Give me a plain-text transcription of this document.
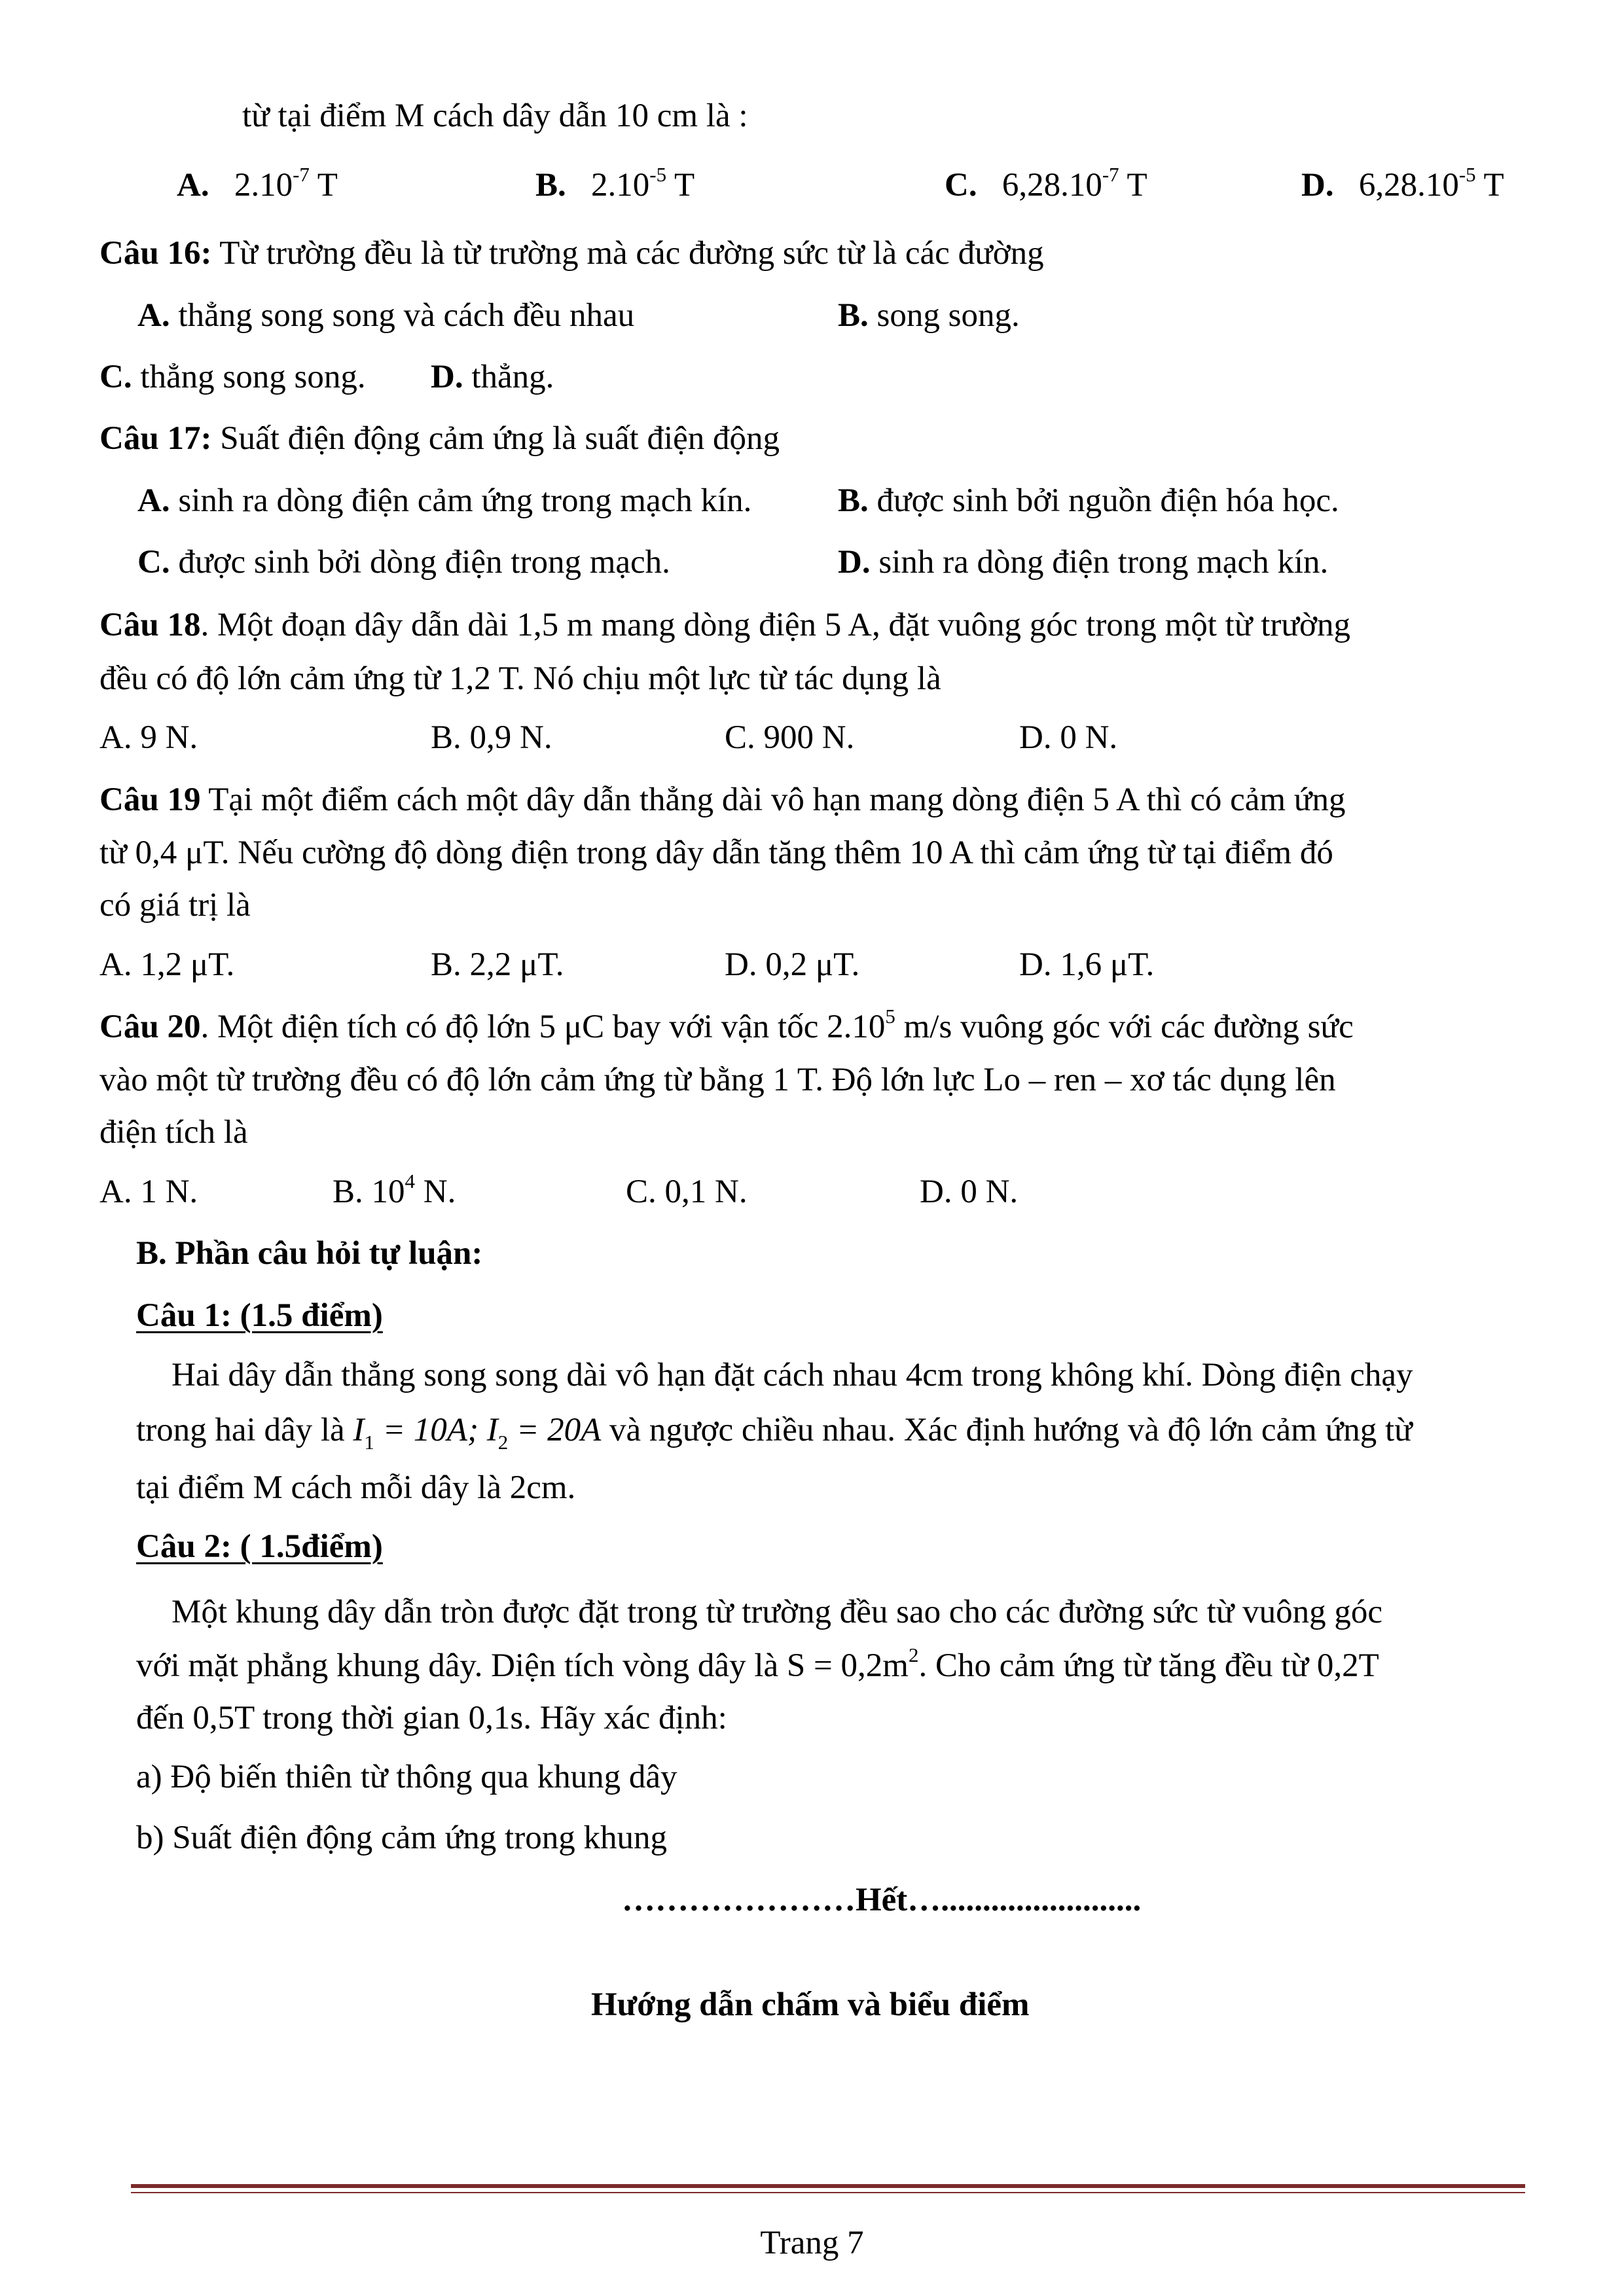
từ tại điểm M cách dây dẫn 10 cm là :
A. $2.10^{-7}$ T	B. $2.10^{-5}$ T	C. $6,28.10^{-7}$ T	D. $6,28.10^{-5}$ T
Câu 16: Từ trường đều là từ trường mà các đường sức từ là các đường
A. thẳng song song và cách đều nhau	B. song song.
C. thẳng song song. D. thẳng.
Câu 17: Suất điện động cảm ứng là suất điện động
A. sinh ra dòng điện cảm ứng trong mạch kín.	B. được sinh bởi nguồn điện hóa học.
C. được sinh bởi dòng điện trong mạch.	D. sinh ra dòng điện trong mạch kín.
Câu 18. Một đoạn dây dẫn dài 1,5 m mang dòng điện 5 A, đặt vuông góc trong một từ trường
đều có độ lớn cảm ứng từ 1,2 T. Nó chịu một lực từ tác dụng là
A. 9 N.	B. 0,9 N.	C. 900 N.	D. 0 N.
Câu 19 Tại một điểm cách một dây dẫn thẳng dài vô hạn mang dòng điện 5 A thì có cảm ứng
từ 0,4 μT. Nếu cường độ dòng điện trong dây dẫn tăng thêm 10 A thì cảm ứng từ tại điểm đó
có giá trị là
A. 1,2 μT.	B. 2,2 μT.	D. 0,2 μT.	D. 1,6 μT.
Câu 20. Một điện tích có độ lớn 5 μC bay với vận tốc 2.10$^5$ m/s vuông góc với các đường sức
vào một từ trường đều có độ lớn cảm ứng từ bằng 1 T. Độ lớn lực Lo – ren – xơ tác dụng lên
điện tích là
A. 1 N.	B. $10^4$ N.	C. 0,1 N.	D. 0 N.
B. Phần câu hỏi tự luận:
Câu 1: (1.5 điểm)
Hai dây dẫn thẳng song song dài vô hạn đặt cách nhau 4cm trong không khí. Dòng điện chạy
trong hai dây là $I_1 = 10A$; $I_2 = 20A$ và ngược chiều nhau. Xác định hướng và độ lớn cảm ứng từ
tại điểm M cách mỗi dây là 2cm.
Câu 2: ( 1.5điểm)
Một khung dây dẫn tròn được đặt trong từ trường đều sao cho các đường sức từ vuông góc
với mặt phẳng khung dây. Diện tích vòng dây là $S = 0,2m^2$. Cho cảm ứng từ tăng đều từ 0,2T
đến 0,5T trong thời gian 0,1s. Hãy xác định:
a) Độ biến thiên từ thông qua khung dây
b) Suất điện động cảm ứng trong khung
…………………Hết…........................
Hướng dẫn chấm và biểu điểm
Trang 7
